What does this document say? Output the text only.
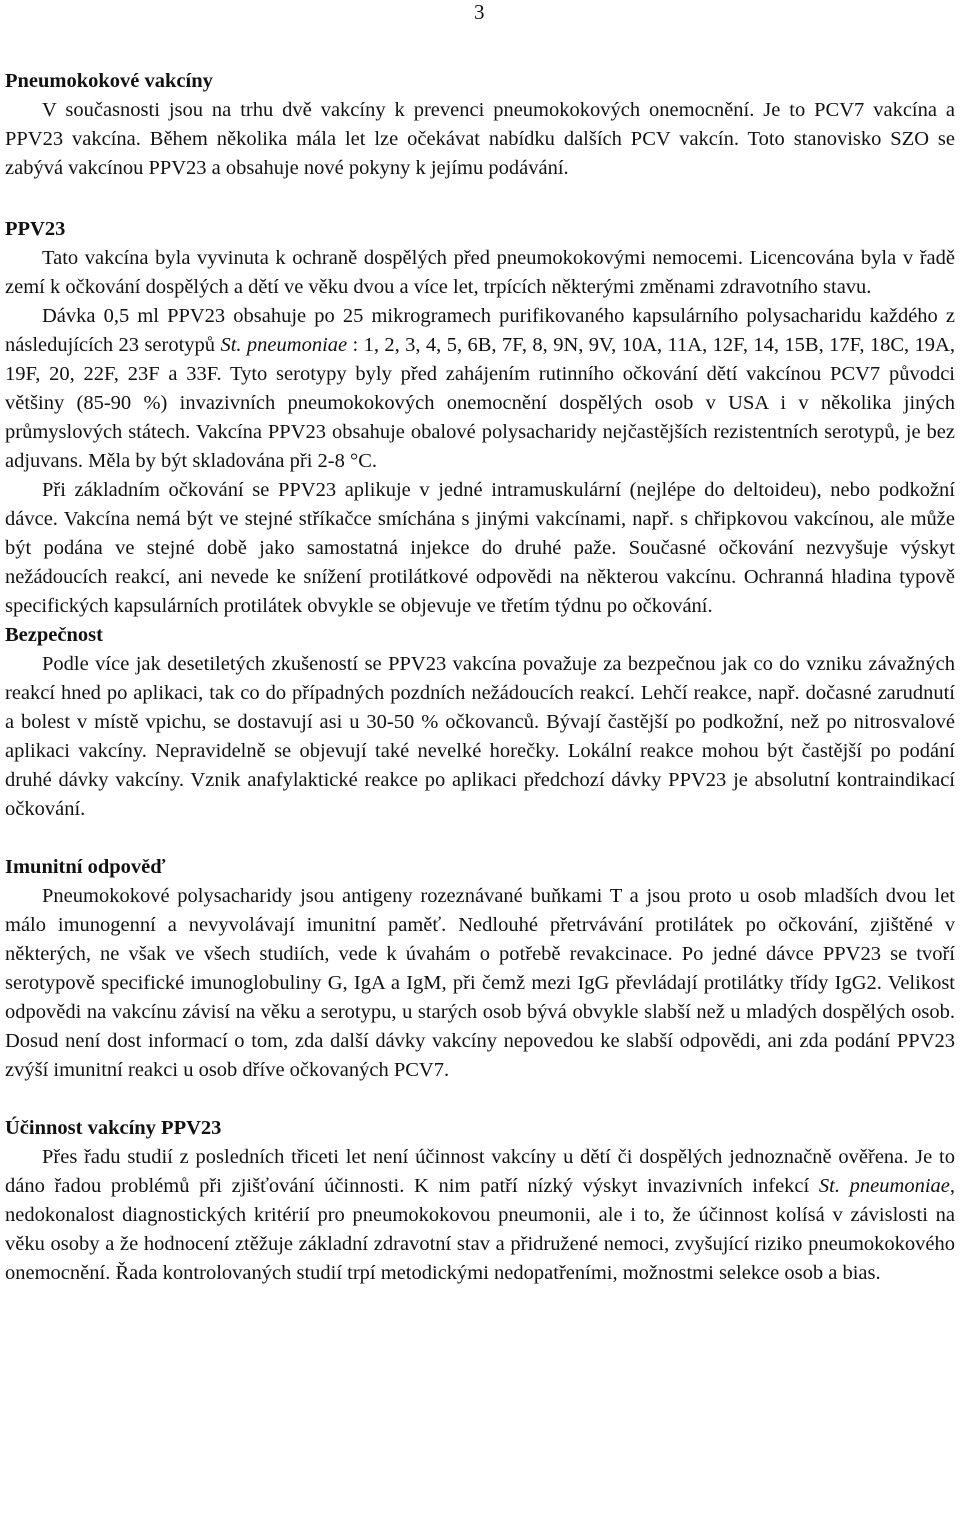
3
Pneumokokové vakcíny

V současnosti jsou na trhu dvě vakcíny k prevenci pneumokokových onemocnění. Je to PCV7 vakcína a PPV23 vakcína. Během několika mála let lze očekávat nabídku dalších PCV vakcín. Toto stanovisko SZO se zabývá vakcínou PPV23 a obsahuje nové pokyny k jejímu podávání.

PPV23

Tato vakcína byla vyvinuta k ochraně dospělých před pneumokokovými nemocemi. Licencována byla v řadě zemí k očkování dospělých a dětí ve věku dvou a více let, trpících některými změnami zdravotního stavu.

Dávka 0,5 ml PPV23 obsahuje po 25 mikrogramech purifikovaného kapsulárního polysacharidu každého z následujících 23 serotypů St. pneumoniae : 1, 2, 3, 4, 5, 6B, 7F, 8, 9N, 9V, 10A, 11A, 12F, 14, 15B, 17F, 18C, 19A, 19F, 20, 22F, 23F a 33F. Tyto serotypy byly před zahájením rutinního očkování dětí vakcínou PCV7 původci většiny (85-90 %) invazivních pneumokokových onemocnění dospělých osob v USA i v několika jiných průmyslových státech. Vakcína PPV23 obsahuje obalové polysacharidy nejčastějších rezistentních serotypů, je bez adjuvans. Měla by být skladována při 2-8 °C.

Při základním očkování se PPV23 aplikuje v jedné intramuskulární (nejlépe do deltoideu), nebo podkožní dávce. Vakcína nemá být ve stejné stříkačce smíchána s jinými vakcínami, např. s chřipkovou vakcínou, ale může být podána ve stejné době jako samostatná injekce do druhé paže. Současné očkování nezvyšuje výskyt nežádoucích reakcí, ani nevede ke snížení protilátkové odpovědi na některou vakcínu. Ochranná hladina typově specifických kapsulárních protilátek obvykle se objevuje ve třetím týdnu po očkování.

Bezpečnost

Podle více jak desetiletých zkušeností se PPV23 vakcína považuje za bezpečnou jak co do vzniku závažných reakcí hned po aplikaci, tak co do případných pozdních nežádoucích reakcí. Lehčí reakce, např. dočasné zarudnutí a bolest v místě vpichu, se dostavují asi u 30-50 % očkovanců. Bývají častější po podkožní, než po nitrosvalové aplikaci vakcíny. Nepravidelně se objevují také nevelké horečky. Lokální reakce mohou být častější po podání druhé dávky vakcíny. Vznik anafylaktické reakce po aplikaci předchozí dávky PPV23 je absolutní kontraindikací očkování.

Imunitní odpověď

Pneumokokové polysacharidy jsou antigeny rozeznávané buňkami T a jsou proto u osob mladších dvou let málo imunogenní a nevyvolávají imunitní paměť. Nedlouhé přetrvávání protilátek po očkování, zjištěné v některých, ne však ve všech studiích, vede k úvahám o potřebě revakcinace. Po jedné dávce PPV23 se tvoří serotypově specifické imunoglobuliny G, IgA a IgM, při čemž mezi IgG převládají protilátky třídy IgG2. Velikost odpovědi na vakcínu závisí na věku a serotypu, u starých osob bývá obvykle slabší než u mladých dospělých osob. Dosud není dost informací o tom, zda další dávky vakcíny nepovedou ke slabší odpovědi, ani zda podání PPV23 zvýší imunitní reakci u osob dříve očkovaných PCV7.

Účinnost vakcíny PPV23

Přes řadu studií z posledních třiceti let není účinnost vakcíny u dětí či dospělých jednoznačně ověřena. Je to dáno řadou problémů při zjišťování účinnosti. K nim patří nízký výskyt invazivních infekcí St. pneumoniae, nedokonalost diagnostických kritérií pro pneumokokovou pneumonii, ale i to, že účinnost kolísá v závislosti na věku osoby a že hodnocení ztěžuje základní zdravotní stav a přidružené nemoci, zvyšující riziko pneumokokového onemocnění. Řada kontrolovaných studií trpí metodickými nedopatřeními, možnostmi selekce osob a bias.
